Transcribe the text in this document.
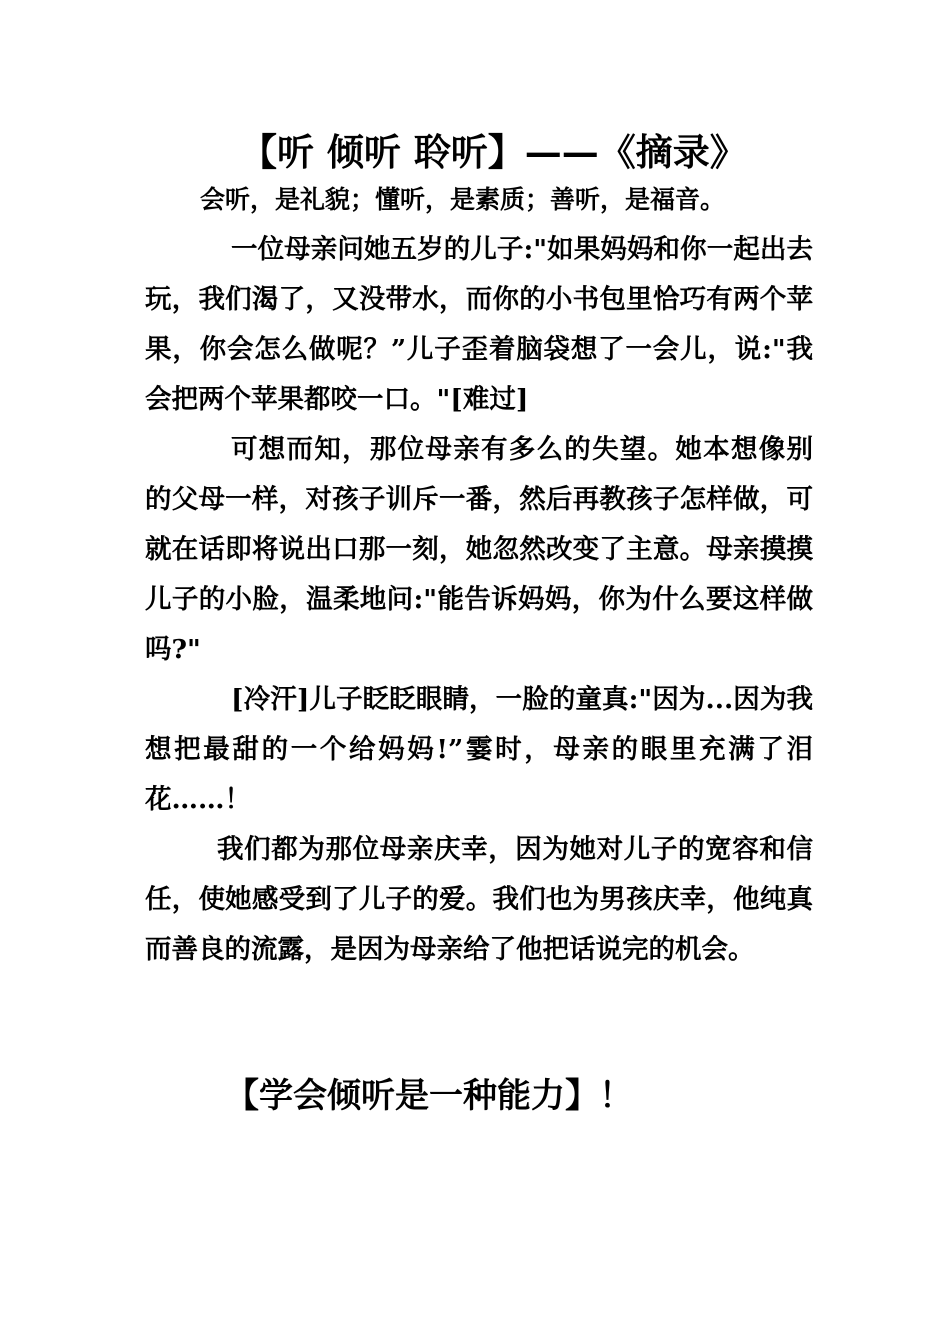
【听 倾听 聆听】——《摘录》
会听，是礼貌；懂听，是素质；善听，是福音。

一位母亲问她五岁的儿子:"如果妈妈和你一起出去玩，我们渴了，又没带水，而你的小书包里恰巧有两个苹果，你会怎么做呢？”儿子歪着脑袋想了一会儿，说:"我会把两个苹果都咬一口。"[难过]

可想而知，那位母亲有多么的失望。她本想像别的父母一样，对孩子训斥一番，然后再教孩子怎样做，可就在话即将说出口那一刻，她忽然改变了主意。母亲摸摸儿子的小脸，温柔地问:"能告诉妈妈，你为什么要这样做吗?"

[冷汗]儿子眨眨眼睛，一脸的童真:"因为...因为我想把最甜的一个给妈妈!”霎时，母亲的眼里充满了泪花……！

我们都为那位母亲庆幸，因为她对儿子的宽容和信任，使她感受到了儿子的爱。我们也为男孩庆幸，他纯真而善良的流露，是因为母亲给了他把话说完的机会。

【学会倾听是一种能力】！
